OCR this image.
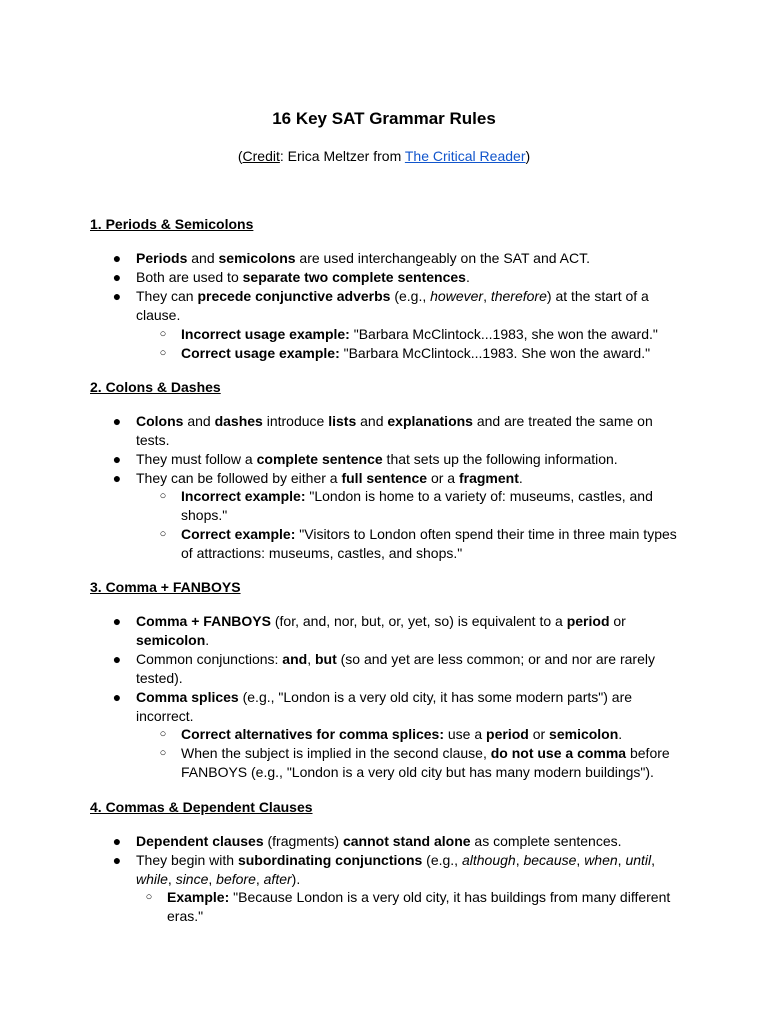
16 Key SAT Grammar Rules
(Credit: Erica Meltzer from The Critical Reader)
1. Periods & Semicolons
● Periods and semicolons are used interchangeably on the SAT and ACT.
● Both are used to separate two complete sentences.
● They can precede conjunctive adverbs (e.g., however, therefore) at the start of a
clause.
○ Incorrect usage example: "Barbara McClintock...1983, she won the award."
○ Correct usage example: "Barbara McClintock...1983. She won the award."
2. Colons & Dashes
● Colons and dashes introduce lists and explanations and are treated the same on
tests.
● They must follow a complete sentence that sets up the following information.
● They can be followed by either a full sentence or a fragment.
○ Incorrect example: "London is home to a variety of: museums, castles, and
shops."
○ Correct example: "Visitors to London often spend their time in three main types
of attractions: museums, castles, and shops."
3. Comma + FANBOYS
● Comma + FANBOYS (for, and, nor, but, or, yet, so) is equivalent to a period or
semicolon.
● Common conjunctions: and, but (so and yet are less common; or and nor are rarely
tested).
● Comma splices (e.g., "London is a very old city, it has some modern parts") are
incorrect.
○ Correct alternatives for comma splices: use a period or semicolon.
○ When the subject is implied in the second clause, do not use a comma before
FANBOYS (e.g., "London is a very old city but has many modern buildings").
4. Commas & Dependent Clauses
● Dependent clauses (fragments) cannot stand alone as complete sentences.
● They begin with subordinating conjunctions (e.g., although, because, when, until,
while, since, before, after).
○ Example: "Because London is a very old city, it has buildings from many different
eras."
